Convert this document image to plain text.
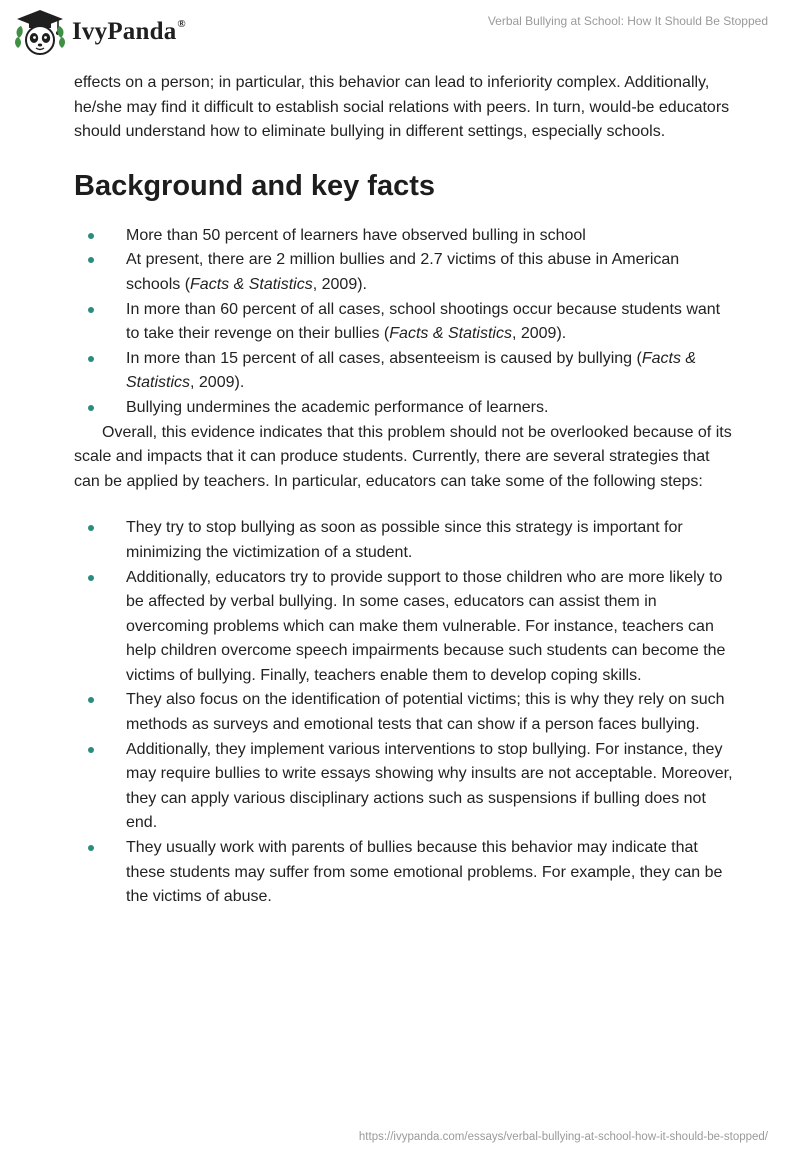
IvyPanda®	Verbal Bullying at School: How It Should Be Stopped

effects on a person; in particular, this behavior can lead to inferiority complex. Additionally, he/she may find it difficult to establish social relations with peers. In turn, would-be educators should understand how to eliminate bullying in different settings, especially schools.

Background and key facts
More than 50 percent of learners have observed bulling in school
At present, there are 2 million bullies and 2.7 victims of this abuse in American schools (Facts & Statistics, 2009).
In more than 60 percent of all cases, school shootings occur because students want to take their revenge on their bullies (Facts & Statistics, 2009).
In more than 15 percent of all cases, absenteeism is caused by bullying (Facts & Statistics, 2009).
Bullying undermines the academic performance of learners.

Overall, this evidence indicates that this problem should not be overlooked because of its scale and impacts that it can produce students. Currently, there are several strategies that can be applied by teachers. In particular, educators can take some of the following steps:

They try to stop bullying as soon as possible since this strategy is important for minimizing the victimization of a student.
Additionally, educators try to provide support to those children who are more likely to be affected by verbal bullying. In some cases, educators can assist them in overcoming problems which can make them vulnerable. For instance, teachers can help children overcome speech impairments because such students can become the victims of bullying. Finally, teachers enable them to develop coping skills.
They also focus on the identification of potential victims; this is why they rely on such methods as surveys and emotional tests that can show if a person faces bullying.
Additionally, they implement various interventions to stop bullying. For instance, they may require bullies to write essays showing why insults are not acceptable. Moreover, they can apply various disciplinary actions such as suspensions if bulling does not end.
They usually work with parents of bullies because this behavior may indicate that these students may suffer from some emotional problems. For example, they can be the victims of abuse.
https://ivypanda.com/essays/verbal-bullying-at-school-how-it-should-be-stopped/
